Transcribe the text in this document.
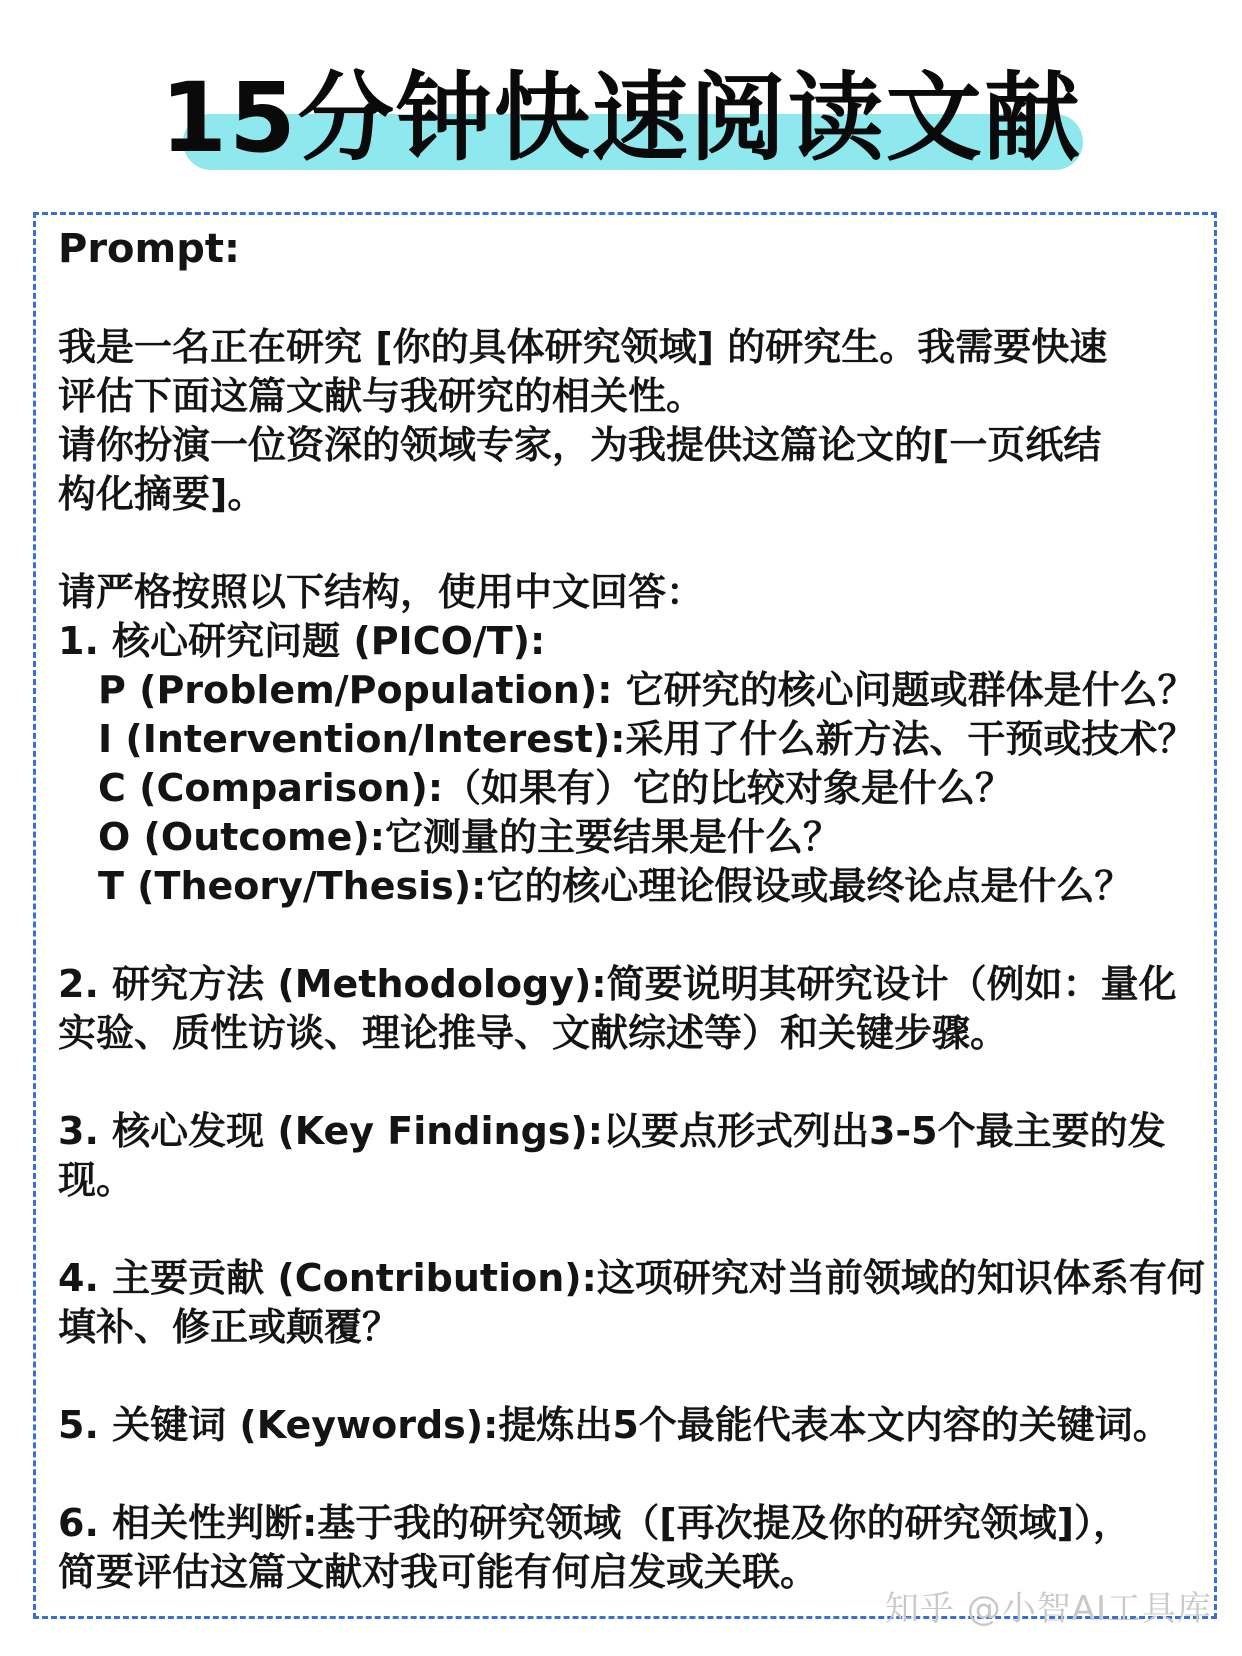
15分钟快速阅读文献
Prompt:
我是一名正在研究 [你的具体研究领域] 的研究生。我需要快速
评估下面这篇文献与我研究的相关性。
请你扮演一位资深的领域专家，为我提供这篇论文的[一页纸结
构化摘要]。
请严格按照以下结构，使用中文回答：
1. 核心研究问题 (PICO/T):
P (Problem/Population): 它研究的核心问题或群体是什么？
I (Intervention/Interest):采用了什么新方法、干预或技术？
C (Comparison):（如果有）它的比较对象是什么？
O (Outcome):它测量的主要结果是什么？
T (Theory/Thesis):它的核心理论假设或最终论点是什么？
2. 研究方法 (Methodology):简要说明其研究设计（例如：量化
实验、质性访谈、理论推导、文献综述等）和关键步骤。
3. 核心发现 (Key Findings):以要点形式列出3-5个最主要的发
现。
4. 主要贡献 (Contribution):这项研究对当前领域的知识体系有何
填补、修正或颠覆？
5. 关键词 (Keywords):提炼出5个最能代表本文内容的关键词。
6. 相关性判断:基于我的研究领域（[再次提及你的研究领域]），
简要评估这篇文献对我可能有何启发或关联。
知乎 @小智AI工具库
